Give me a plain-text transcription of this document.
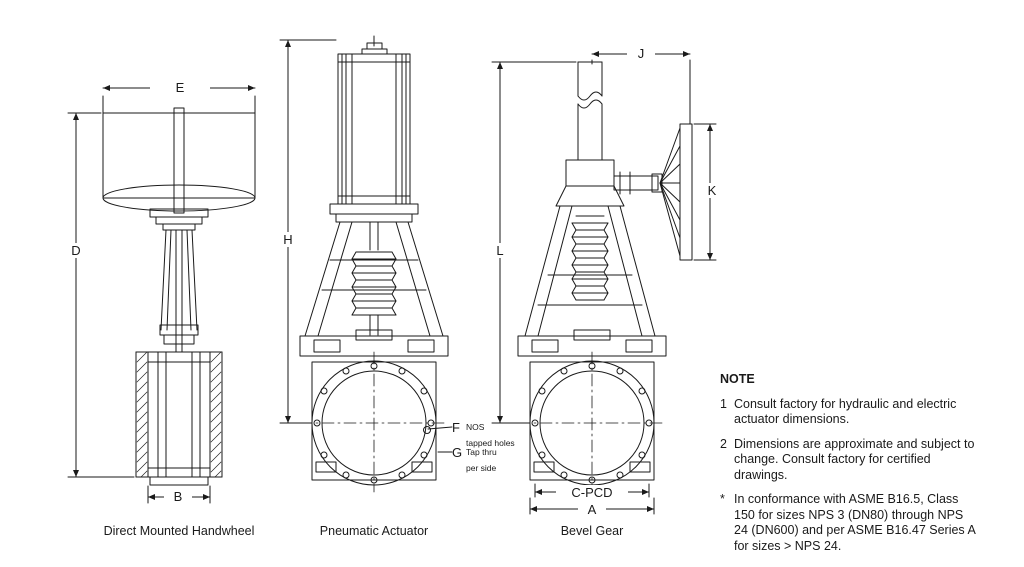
E
D
B
H
J
K
L
C-PCD
A
F NOS
tapped holes
G Tap thru
per side
Direct Mounted Handwheel	Pneumatic Actuator	Bevel Gear
NOTE
1 Consult factory for hydraulic and electric actuator dimensions.
2 Dimensions are approximate and subject to change. Consult factory for certified drawings.
* In conformance with ASME B16.5, Class 150 for sizes NPS 3 (DN80) through NPS 24 (DN600) and per ASME B16.47 Series A for sizes > NPS 24.
